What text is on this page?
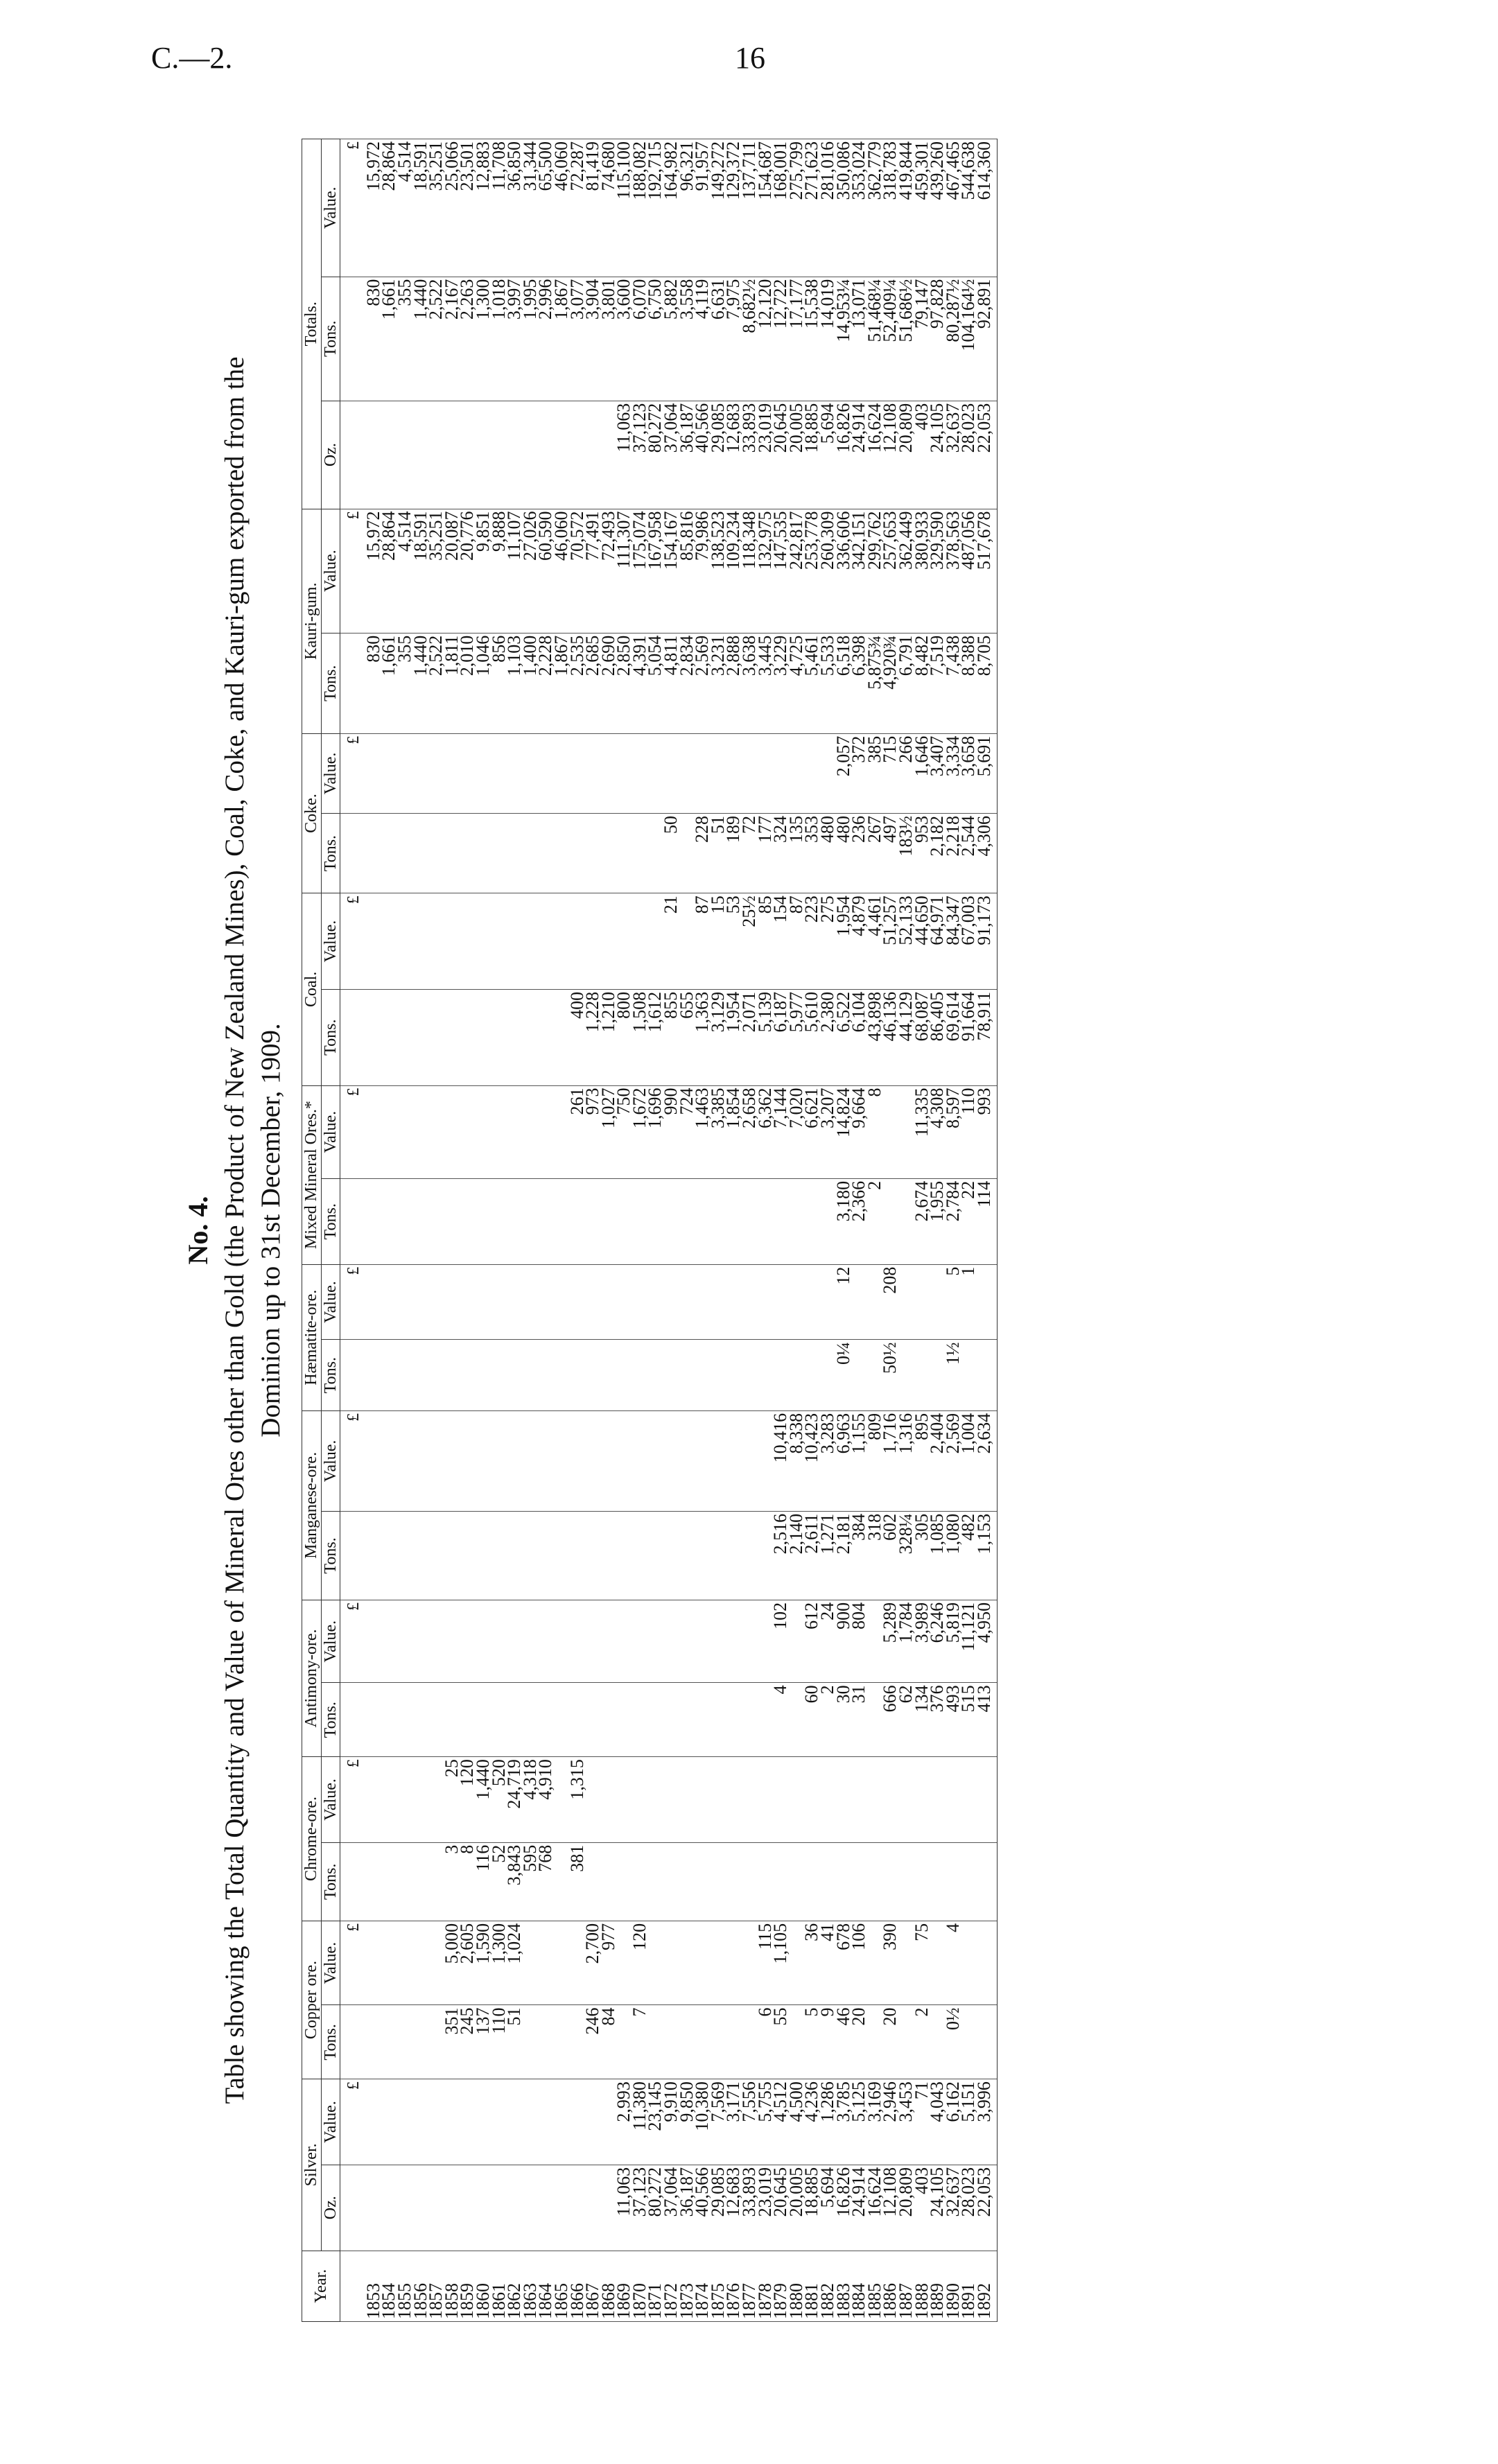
C.—2.	16
No. 4. Table showing the Total Quantity and Value of Mineral Ores other than Gold (the Product of New Zealand Mines), Coal, Coke, and Kauri-gum exported from the Dominion up to 31st December, 1909.
Year.	Silver.		Copper ore.		Chrome-ore.		Antimony-ore.		Manganese-ore.		Hæmatite-ore.		Mixed Mineral Ores.*		Coal.		Coke.		Kauri-gum.		Totals.		
	Oz.	Value.	Tons.	Value.	Tons.	Value.	Tons.	Value.	Tons.	Value.	Tons.	Value.	Tons.	Value.	Tons.	Value.	Tons.	Value.	Tons.	Value.	Oz.	Tons.	Value.
		£		£		£		£		£		£		£		£		£		£			£
1853																			830	15,972		830	15,972
1854																			1,661	28,864		1,661	28,864
1855																			355	4,514		355	4,514
1856																			1,440	18,591		1,440	18,591
1857																			2,522	35,251		2,522	35,251
1858			351	5,000	3	25													1,811	20,087		2,167	25,066
1859			245	2,605	8	120													2,010	20,776		2,263	23,501
1860			137	1,590	116	1,440													1,046	9,851		1,300	12,883
1861			110	1,300	52	520													856	9,888		1,018	11,708
1862			51	1,024	3,843	24,719													1,103	11,107		3,997	36,850
1863					595	4,318													1,400	27,026		1,995	31,344
1864					768	4,910													2,228	60,590		2,996	65,500
1865																			1,867	46,060		1,867	46,060
1866					381	1,315								261	400				2,535	70,572		3,077	72,287
1867			246	2,700										973	1,228				2,685	77,491		3,904	81,419
1868			84	977										1,027	1,210				2,690	72,493		3,801	74,680
1869	11,063	2,993												750	800				2,850	111,307	11,063	3,600	115,100
1870	37,123	11,380	7	120										1,672	1,508				4,391	175,074	37,123	6,070	188,082
1871	80,272	23,145												1,696	1,612				5,054	167,958	80,272	6,750	192,715
1872	37,064	9,910												990	855	21	50		4,811	154,167	37,064	5,882	164,982
1873	36,187	9,850												724	655				2,834	85,816	36,187	3,558	96,321
1874	40,566	10,380												1,463	1,363	87	228		2,569	79,986	40,566	4,119	91,957
1875	29,085	7,569												3,385	3,129	15	51		3,231	138,523	29,085	6,631	149,272
1876	12,683	3,171												1,854	1,954	53	189		2,888	109,234	12,683	7,975	129,372
1877	33,893	7,556												2,658	2,071	25½	72		3,638	118,348	33,893	8,682½	137,711
1878	23,019	5,755	6	115										6,362	5,139	85	177		3,445	132,975	23,019	12,120	154,687
1879	20,645	4,512	55	1,105			4	102	2,516	10,416				7,144	6,187	154	324		3,229	147,535	20,645	12,722	168,001
1880	20,005	4,500							2,140	8,338				7,020	5,977	87	135		4,725	242,817	20,005	17,177	275,799
1881	18,885	4,236	5	36			60	612	2,611	10,423				6,621	5,610	223	353		5,461	253,778	18,885	15,538	271,623
1882	5,694	1,286	9	41			2	24	1,271	3,283				3,207	2,380	275	480		5,533	260,309	5,694	14,019	281,016
1883	16,826	3,785	46	678			30	900	2,181	6,963	0¼	12	3,180	14,824	6,522	1,954	480	2,057	6,518	336,606	16,826	14,953¼	350,086
1884	24,914	5,125	20	106			31	804	384	1,155			2,366	9,664	6,104	4,879	236	372	6,398	342,151	24,914	13,071	353,024
1885	16,624	3,169							318	809			2	8	43,898	4,461	267	385	5,875¾	299,762	16,624	51,468¼	362,779
1886	12,108	2,946	20	390			666	5,289	602	1,716	50½	208			46,136	51,257	497	715	4,920¾	257,653	12,108	52,409¼	318,783
1887	20,809	3,453					62	1,784	328¼	1,316					44,129	52,133	183½	266	6,791	362,449	20,809	51,686½	419,844
1888	403	71	2	75			134	3,989	305	895			2,674	11,335	68,087	44,650	953	1,646	8,482	380,933	403	79,147	459,301
1889	24,105	4,043					376	6,246	1,085	2,404			1,955	4,308	86,405	64,971	2,182	3,407	7,519	329,590	24,105	97,828	439,260
1890	32,637	6,162	0½	4			493	5,819	1,080	2,569	1½	5	2,784	8,597	69,614	84,347	2,218	3,334	7,438	378,563	32,637	80,287½	467,465
1891	28,023	5,151					515	11,121	482	1,004		1	22	110	91,664	67,003	2,544	3,658	8,388	487,056	28,023	104,164½	544,638
1892	22,053	3,996					413	4,950	1,153	2,634			114	993	78,911	91,173	4,306	5,691	8,705	517,678	22,053	92,891	614,360
